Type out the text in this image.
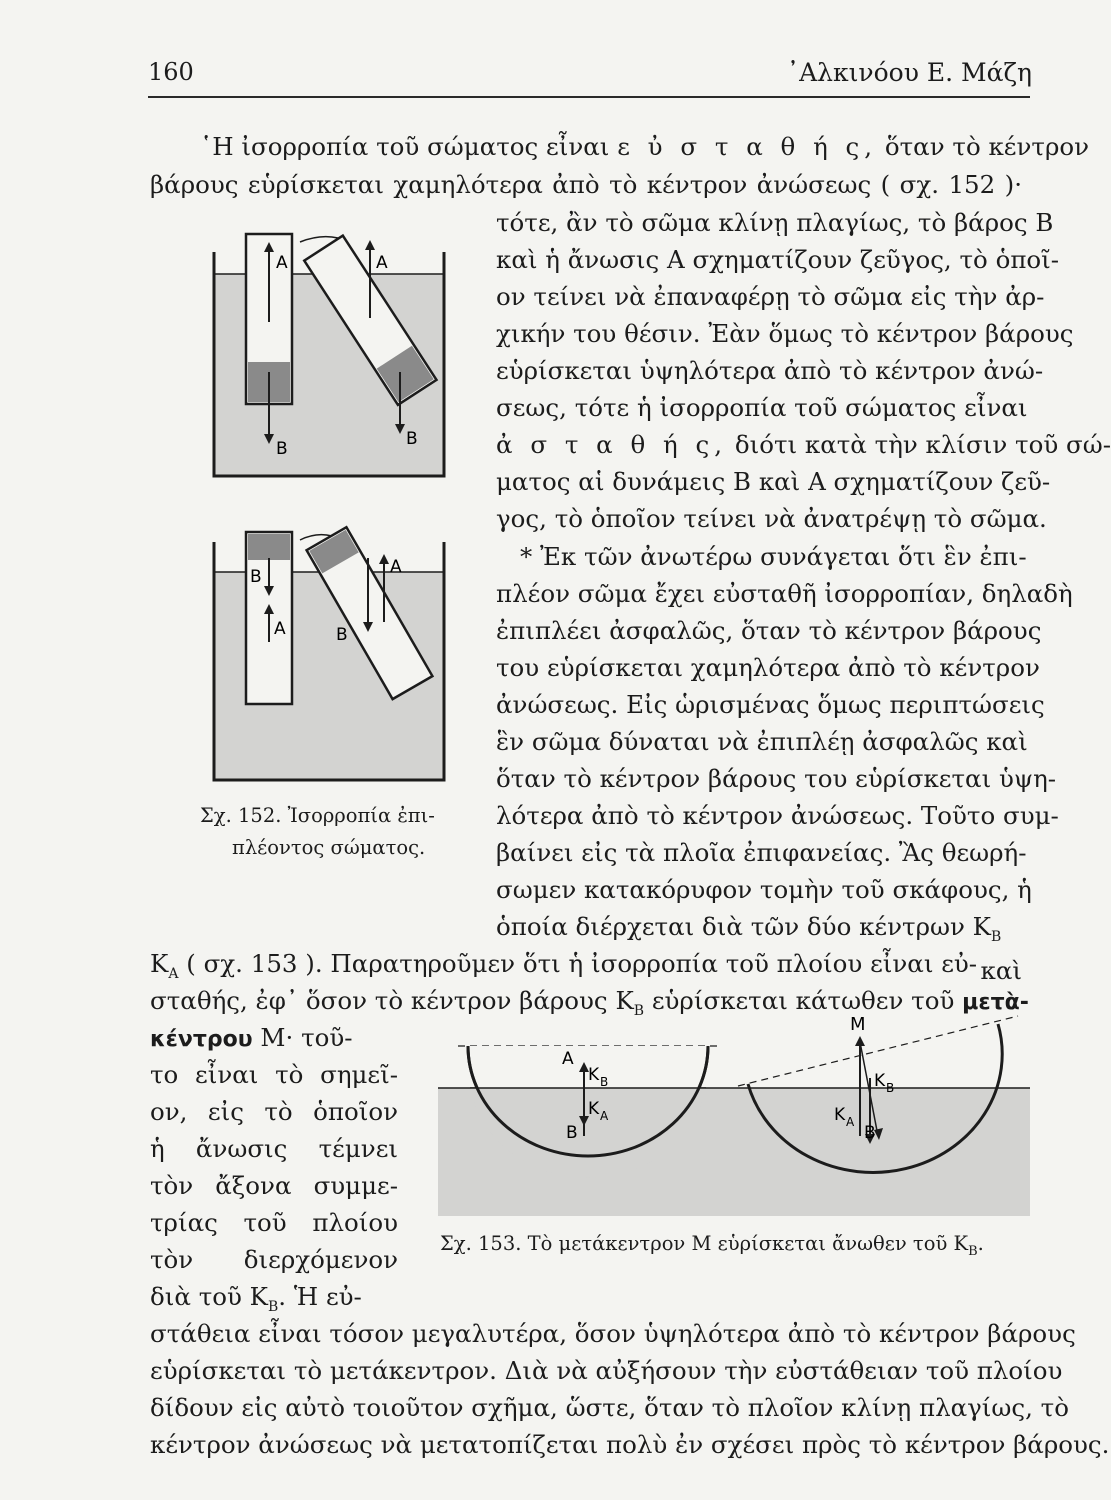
160	᾿Αλκινόου Ε. Μάζη
῾Η ἰσορροπία τοῦ σώματος εἶναι ε ὐ σ τ α θ ή ς, ὅταν τὸ κέντρον
βάρους εὑρίσκεται χαμηλότερα ἀπὸ τὸ κέντρον ἀνώσεως ( σχ. 152 )·
τότε, ἂν τὸ σῶμα κλίνῃ πλαγίως, τὸ βάρος Β
καὶ ἡ ἄνωσις Α σχηματίζουν ζεῦγος, τὸ ὁποῖ-
ον τείνει νὰ ἐπαναφέρῃ τὸ σῶμα εἰς τὴν ἀρ-
χικήν του θέσιν. Ἐὰν ὅμως τὸ κέντρον βάρους
εὑρίσκεται ὑψηλότερα ἀπὸ τὸ κέντρον ἀνώ-
σεως, τότε ἡ ἰσορροπία τοῦ σώματος εἶναι
ἀ σ τ α θ ή ς, διότι κατὰ τὴν κλίσιν τοῦ σώ-
ματος αἱ δυνάμεις Β καὶ Α σχηματίζουν ζεῦ-
γος, τὸ ὁποῖον τείνει νὰ ἀνατρέψῃ τὸ σῶμα.
* Ἐκ τῶν ἀνωτέρω συνάγεται ὅτι ἓν ἐπι-
πλέον σῶμα ἔχει εὐσταθῆ ἰσορροπίαν, δηλαδὴ
ἐπιπλέει ἀσφαλῶς, ὅταν τὸ κέντρον βάρους
του εὑρίσκεται χαμηλότερα ἀπὸ τὸ κέντρον
ἀνώσεως. Εἰς ὡρισμένας ὅμως περιπτώσεις
ἓν σῶμα δύναται νὰ ἐπιπλέῃ ἀσφαλῶς καὶ
ὅταν τὸ κέντρον βάρους του εὑρίσκεται ὑψη-
λότερα ἀπὸ τὸ κέντρον ἀνώσεως. Τοῦτο συμ-
βαίνει εἰς τὰ πλοῖα ἐπιφανείας. Ἂς θεωρή-
σωμεν κατακόρυφον τομὴν τοῦ σκάφους, ἡ
ὁποία διέρχεται διὰ τῶν δύο κέντρων $K_B$
καὶ
$K_A$ ( σχ. 153 ). Παρατηροῦμεν ὅτι ἡ ἰσορροπία τοῦ πλοίου εἶναι εὐ-
σταθής, ἐφ᾿ ὅσον τὸ κέντρον βάρους $K_B$ εὑρίσκεται κάτωθεν τοῦ μετὰ-
κέντρου Μ· τοῦ-
το εἶναι τὸ σημεῖ-
ον, εἰς τὸ ὁποῖον
ἡ ἄνωσις τέμνει
τὸν ἄξονα συμμε-
τρίας τοῦ πλοίου
τὸν διερχόμενον
διὰ τοῦ $K_B$. Ἡ εὐ-
στάθεια εἶναι τόσον μεγαλυτέρα, ὅσον ὑψηλότερα ἀπὸ τὸ κέντρον βάρους
εὑρίσκεται τὸ μετάκεντρον. Διὰ νὰ αὐξήσουν τὴν εὐστάθειαν τοῦ πλοίου
δίδουν εἰς αὐτὸ τοιοῦτον σχῆμα, ὥστε, ὅταν τὸ πλοῖον κλίνῃ πλαγίως, τὸ
κέντρον ἀνώσεως νὰ μετατοπίζεται πολὺ ἐν σχέσει πρὸς τὸ κέντρον βάρους.
A
B
A
B
B
A
A
B
Σχ. 152. Ἰσορροπία ἐπι-
πλέοντος σώματος.
A
K B
K A
B
M
K B
K A
B
Σχ. 153. Τὸ μετάκεντρον Μ εὑρίσκεται ἄνωθεν τοῦ $K_B$.
